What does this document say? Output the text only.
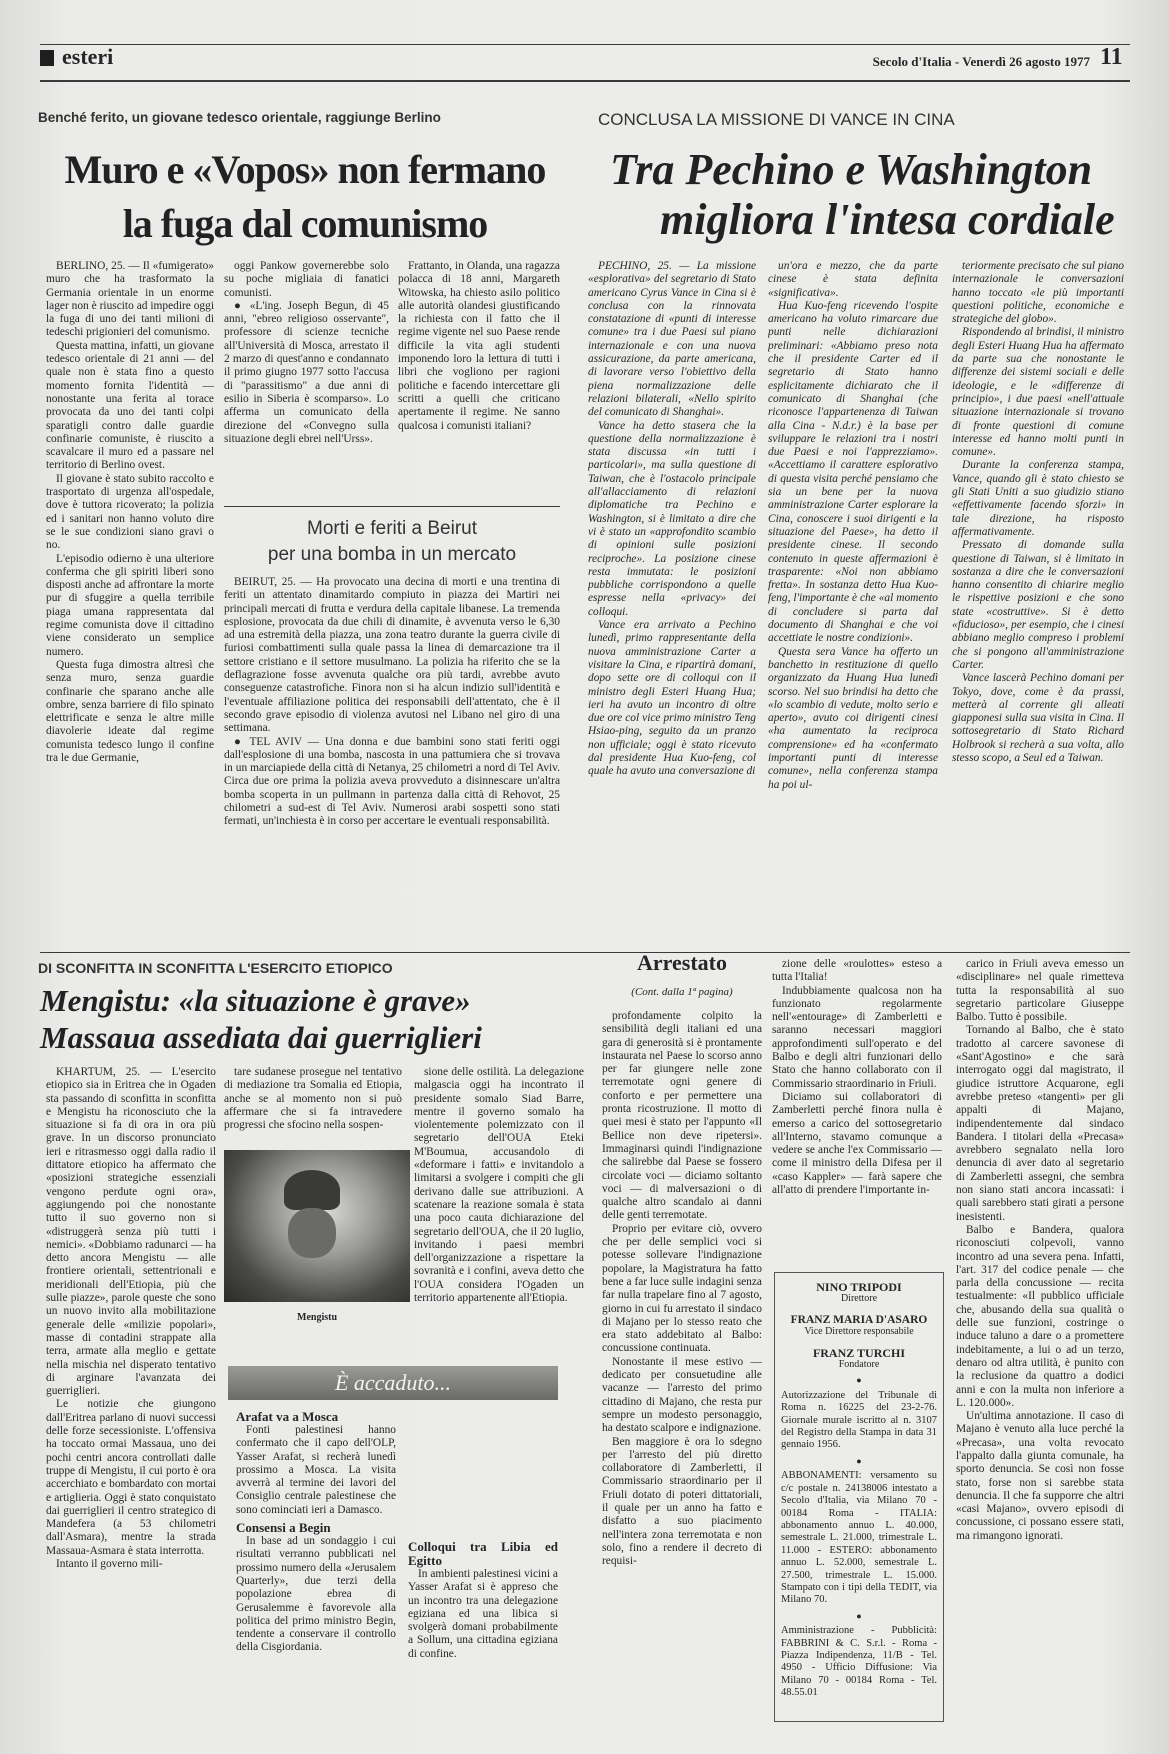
esteri	Secolo d'Italia - Venerdì 26 agosto 1977 11
Benché ferito, un giovane tedesco orientale, raggiunge Berlino
Muro e «Vopos» non fermano
la fuga dal comunismo

BERLINO, 25. — Il «fumigerato» muro che ha trasformato la Germania orientale in un enorme lager non è riuscito ad impedire oggi la fuga di uno dei tanti milioni di tedeschi prigionieri del comunismo.

Questa mattina, infatti, un giovane tedesco orientale di 21 anni — del quale non è stata fino a questo momento fornita l'identità — nonostante una ferita al torace provocata da uno dei tanti colpi sparatigli contro dalle guardie confinarie comuniste, è riuscito a scavalcare il muro ed a passare nel territorio di Berlino ovest.

Il giovane è stato subito raccolto e trasportato di urgenza all'ospedale, dove è tuttora ricoverato; la polizia ed i sanitari non hanno voluto dire se le sue condizioni siano gravi o no.

L'episodio odierno è una ulteriore conferma che gli spiriti liberi sono disposti anche ad affrontare la morte pur di sfuggire a quella terribile piaga umana rappresentata dal regime comunista dove il cittadino viene considerato un semplice numero.

Questa fuga dimostra altresì che senza muro, senza guardie confinarie che sparano anche alle ombre, senza barriere di filo spinato elettrificate e senza le altre mille diavolerie ideate dal regime comunista tedesco lungo il confine tra le due Germanie,

oggi Pankow governerebbe solo su poche migliaia di fanatici comunisti.

● «L'ing. Joseph Begun, di 45 anni, "ebreo religioso osservante", professore di scienze tecniche all'Università di Mosca, arrestato il 2 marzo di quest'anno e condannato il primo giugno 1977 sotto l'accusa di "parassitismo" a due anni di esilio in Siberia è scomparso». Lo afferma un comunicato della direzione del «Convegno sulla situazione degli ebrei nell'Urss».

Frattanto, in Olanda, una ragazza polacca di 18 anni, Margareth Witowska, ha chiesto asilo politico alle autorità olandesi giustificando la richiesta con il fatto che il regime vigente nel suo Paese rende difficile la vita agli studenti imponendo loro la lettura di tutti i libri che vogliono per ragioni politiche e facendo intercettare gli scritti a quelli che criticano apertamente il regime. Ne sanno qualcosa i comunisti italiani?

Morti e feriti a Beirut
per una bomba in un mercato

BEIRUT, 25. — Ha provocato una decina di morti e una trentina di feriti un attentato dinamitardo compiuto in piazza dei Martiri nei principali mercati di frutta e verdura della capitale libanese. La tremenda esplosione, provocata da due chili di dinamite, è avvenuta verso le 6,30 ad una estremità della piazza, una zona teatro durante la guerra civile di furiosi combattimenti sulla quale passa la linea di demarcazione tra il settore cristiano e il settore musulmano. La polizia ha riferito che se la deflagrazione fosse avvenuta qualche ora più tardi, avrebbe avuto conseguenze catastrofiche. Finora non si ha alcun indizio sull'identità e l'eventuale affiliazione politica dei responsabili dell'attentato, che è il secondo grave episodio di violenza avutosi nel Libano nel giro di una settimana.

● TEL AVIV — Una donna e due bambini sono stati feriti oggi dall'esplosione di una bomba, nascosta in una pattumiera che si trovava in un marciapiede della città di Netanya, 25 chilometri a nord di Tel Aviv. Circa due ore prima la polizia aveva provveduto a disinnescare un'altra bomba scoperta in un pullmann in partenza dalla città di Rehovot, 25 chilometri a sud-est di Tel Aviv. Numerosi arabi sospetti sono stati fermati, un'inchiesta è in corso per accertare le eventuali responsabilità.

CONCLUSA LA MISSIONE DI VANCE IN CINA
Tra Pechino e Washington
migliora l'intesa cordiale

PECHINO, 25. — La missione «esplorativa» del segretario di Stato americano Cyrus Vance in Cina si è conclusa con la rinnovata constatazione di «punti di interesse comune» tra i due Paesi sul piano internazionale e con una nuova assicurazione, da parte americana, di lavorare verso l'obiettivo della piena normalizzazione delle relazioni bilaterali, «Nello spirito del comunicato di Shanghai».

Vance ha detto stasera che la questione della normalizzazione è stata discussa «in tutti i particolari», ma sulla questione di Taiwan, che è l'ostacolo principale all'allacciamento di relazioni diplomatiche tra Pechino e Washington, si è limitato a dire che vi è stato un «approfondito scambio di opinioni sulle posizioni reciproche». La posizione cinese resta immutata: le posizioni pubbliche corrispondono a quelle espresse nella «privacy» dei colloqui.

Vance era arrivato a Pechino lunedì, primo rappresentante della nuova amministrazione Carter a visitare la Cina, e ripartirà domani, dopo sette ore di colloqui con il ministro degli Esteri Huang Hua; ieri ha avuto un incontro di oltre due ore col vice primo ministro Teng Hsiao-ping, seguito da un pranzo non ufficiale; oggi è stato ricevuto dal presidente Hua Kuo-feng, col quale ha avuto una conversazione di

un'ora e mezzo, che da parte cinese è stata definita «significativa».

Hua Kuo-feng ricevendo l'ospite americano ha voluto rimarcare due punti nelle dichiarazioni preliminari: «Abbiamo preso nota che il presidente Carter ed il segretario di Stato hanno esplicitamente dichiarato che il comunicato di Shanghai (che riconosce l'appartenenza di Taiwan alla Cina - N.d.r.) è la base per sviluppare le relazioni tra i nostri due Paesi e noi l'apprezziamo». «Accettiamo il carattere esplorativo di questa visita perché pensiamo che sia un bene per la nuova amministrazione Carter esplorare la Cina, conoscere i suoi dirigenti e la situazione del Paese», ha detto il presidente cinese. Il secondo contenuto in queste affermazioni è trasparente: «Noi non abbiamo fretta». In sostanza detto Hua Kuo-feng, l'importante è che «al momento di concludere si parta dal documento di Shanghai e che voi accettiate le nostre condizioni».

Questa sera Vance ha offerto un banchetto in restituzione di quello organizzato da Huang Hua lunedì scorso. Nel suo brindisi ha detto che «lo scambio di vedute, molto serio e aperto», avuto coi dirigenti cinesi «ha aumentato la reciproca comprensione» ed ha «confermato importanti punti di interesse comune», nella conferenza stampa ha poi ul-

teriormente precisato che sul piano internazionale le conversazioni hanno toccato «le più importanti questioni politiche, economiche e strategiche del globo».

Rispondendo al brindisi, il ministro degli Esteri Huang Hua ha affermato da parte sua che nonostante le differenze dei sistemi sociali e delle ideologie, e le «differenze di principio», i due paesi «nell'attuale situazione internazionale si trovano di fronte questioni di comune interesse ed hanno molti punti in comune».

Durante la conferenza stampa, Vance, quando gli è stato chiesto se gli Stati Uniti a suo giudizio stiano «effettivamente facendo sforzi» in tale direzione, ha risposto affermativamente.

Pressato di domande sulla questione di Taiwan, si è limitato in sostanza a dire che le conversazioni hanno consentito di chiarire meglio le rispettive posizioni e che sono state «costruttive». Si è detto «fiducioso», per esempio, che i cinesi abbiano meglio compreso i problemi che si pongono all'amministrazione Carter.

Vance lascerà Pechino domani per Tokyo, dove, come è da prassi, metterà al corrente gli alleati giapponesi sulla sua visita in Cina. Il sottosegretario di Stato Richard Holbrook si recherà a sua volta, allo stesso scopo, a Seul ed a Taiwan.

DI SCONFITTA IN SCONFITTA L'ESERCITO ETIOPICO
Mengistu: «la situazione è grave»
Massaua assediata dai guerriglieri

KHARTUM, 25. — L'esercito etiopico sia in Eritrea che in Ogaden sta passando di sconfitta in sconfitta e Mengistu ha riconosciuto che la situazione si fa di ora in ora più grave. In un discorso pronunciato ieri e ritrasmesso oggi dalla radio il dittatore etiopico ha affermato che «posizioni strategiche essenziali vengono perdute ogni ora», aggiungendo poi che nonostante tutto il suo governo non si «distruggerà senza più tutti i nemici». «Dobbiamo radunarci — ha detto ancora Mengistu — alle frontiere orientali, settentrionali e meridionali dell'Etiopia, più che sulle piazze», parole queste che sono un nuovo invito alla mobilitazione generale delle «milizie popolari», masse di contadini strappate alla terra, armate alla meglio e gettate nella mischia nel disperato tentativo di arginare l'avanzata dei guerriglieri.

Le notizie che giungono dall'Eritrea parlano di nuovi successi delle forze secessioniste. L'offensiva ha toccato ormai Massaua, uno dei pochi centri ancora controllati dalle truppe di Mengistu, il cui porto è ora accerchiato e bombardato con mortai e artiglieria. Oggi è stato conquistato dai guerriglieri il centro strategico di Mandefera (a 53 chilometri dall'Asmara), mentre la strada Massaua-Asmara è stata interrotta.

Intanto il governo mili-

tare sudanese prosegue nel tentativo di mediazione tra Somalia ed Etiopia, anche se al momento non si può affermare che si fa intravedere progressi che sfocino nella sospen-

Mengistu

sione delle ostilità. La delegazione malgascia oggi ha incontrato il presidente somalo Siad Barre, mentre il governo somalo ha violentemente polemizzato con il segretario dell'OUA Eteki M'Boumua, accusandolo di «deformare i fatti» e invitandolo a limitarsi a svolgere i compiti che gli derivano dalle sue attribuzioni. A scatenare la reazione somala è stata una poco cauta dichiarazione del segretario dell'OUA, che il 20 luglio, invitando i paesi membri dell'organizzazione a rispettare la sovranità e i confini, aveva detto che l'OUA considera l'Ogaden un territorio appartenente all'Etiopia.

È accaduto...
Arafat va a Mosca

Fonti palestinesi hanno confermato che il capo dell'OLP, Yasser Arafat, si recherà lunedì prossimo a Mosca. La visita avverrà al termine dei lavori del Consiglio centrale palestinese che sono cominciati ieri a Damasco.

Consensi a Begin

In base ad un sondaggio i cui risultati verranno pubblicati nel prossimo numero della «Jerusalem Quarterly», due terzi della popolazione ebrea di Gerusalemme è favorevole alla politica del primo ministro Begin, tendente a conservare il controllo della Cisgiordania.

Colloqui tra Libia ed Egitto

In ambienti palestinesi vicini a Yasser Arafat si è appreso che un incontro tra una delegazione egiziana ed una libica si svolgerà domani probabilmente a Sollum, una cittadina egiziana di confine.

Arrestato
(Cont. dalla 1ª pagina)

profondamente colpito la sensibilità degli italiani ed una gara di generosità si è prontamente instaurata nel Paese lo scorso anno per far giungere nelle zone terremotate ogni genere di conforto e per permettere una pronta ricostruzione. Il motto di quei mesi è stato per l'appunto «Il Bellice non deve ripetersi». Immaginarsi quindi l'indignazione che salirebbe dal Paese se fossero circolate voci — diciamo soltanto voci — di malversazioni o di qualche altro scandalo ai danni delle genti terremotate.

Proprio per evitare ciò, ovvero che per delle semplici voci si potesse sollevare l'indignazione popolare, la Magistratura ha fatto bene a far luce sulle indagini senza far nulla trapelare fino al 7 agosto, giorno in cui fu arrestato il sindaco di Majano per lo stesso reato che era stato addebitato al Balbo: concussione continuata.

Nonostante il mese estivo — dedicato per consuetudine alle vacanze — l'arresto del primo cittadino di Majano, che resta pur sempre un modesto personaggio, ha destato scalpore e indignazione.

Ben maggiore è ora lo sdegno per l'arresto del più diretto collaboratore di Zamberletti, il Commissario straordinario per il Friuli dotato di poteri dittatoriali, il quale per un anno ha fatto e disfatto a suo piacimento nell'intera zona terremotata e non solo, fino a rendere il decreto di requisi-

zione delle «roulottes» esteso a tutta l'Italia!

Indubbiamente qualcosa non ha funzionato regolarmente nell'«entourage» di Zamberletti e saranno necessari maggiori approfondimenti sull'operato e del Balbo e degli altri funzionari dello Stato che hanno collaborato con il Commissario straordinario in Friuli.

Diciamo sui collaboratori di Zamberletti perché finora nulla è emerso a carico del sottosegretario all'Interno, stavamo comunque a vedere se anche l'ex Commissario — come il ministro della Difesa per il «caso Kappler» — farà sapere che all'atto di prendere l'importante in-

carico in Friuli aveva emesso un «disciplinare» nel quale rimetteva tutta la responsabilità al suo segretario particolare Giuseppe Balbo. Tutto è possibile.

Tornando al Balbo, che è stato tradotto al carcere savonese di «Sant'Agostino» e che sarà interrogato oggi dal magistrato, il giudice istruttore Acquarone, egli avrebbe preteso «tangenti» per gli appalti di Majano, indipendentemente dal sindaco Bandera. I titolari della «Precasa» avrebbero segnalato nella loro denuncia di aver dato al segretario di Zamberletti assegni, che sembra non siano stati ancora incassati: i quali sarebbero stati girati a persone inesistenti.

Balbo e Bandera, qualora riconosciuti colpevoli, vanno incontro ad una severa pena. Infatti, l'art. 317 del codice penale — che parla della concussione — recita testualmente: «Il pubblico ufficiale che, abusando della sua qualità o delle sue funzioni, costringe o induce taluno a dare o a promettere indebitamente, a lui o ad un terzo, denaro od altra utilità, è punito con la reclusione da quattro a dodici anni e con la multa non inferiore a L. 120.000».

Un'ultima annotazione. Il caso di Majano è venuto alla luce perché la «Precasa», una volta revocato l'appalto dalla giunta comunale, ha sporto denuncia. Se così non fosse stato, forse non si sarebbe stata denuncia. Il che fa supporre che altri «casi Majano», ovvero episodi di concussione, ci possano essere stati, ma rimangono ignorati.

NINO TRIPODI
Direttore
FRANZ MARIA D'ASARO
Vice Direttore responsabile
FRANZ TURCHI
Fondatore
●
Autorizzazione del Tribunale di Roma n. 16225 del 23-2-76. Giornale murale iscritto al n. 3107 del Registro della Stampa in data 31 gennaio 1956.
●
ABBONAMENTI: versamento su c/c postale n. 24138006 intestato a Secolo d'Italia, via Milano 70 - 00184 Roma - ITALIA: abbonamento annuo L. 40.000, semestrale L. 21.000, trimestrale L. 11.000 - ESTERO: abbonamento annuo L. 52.000, semestrale L. 27.500, trimestrale L. 15.000. Stampato con i tipi della TEDIT, via Milano 70.
●
Amministrazione - Pubblicità: FABBRINI & C. S.r.l. - Roma - Piazza Indipendenza, 11/B - Tel. 4950 - Ufficio Diffusione: Via Milano 70 - 00184 Roma - Tel. 48.55.01
